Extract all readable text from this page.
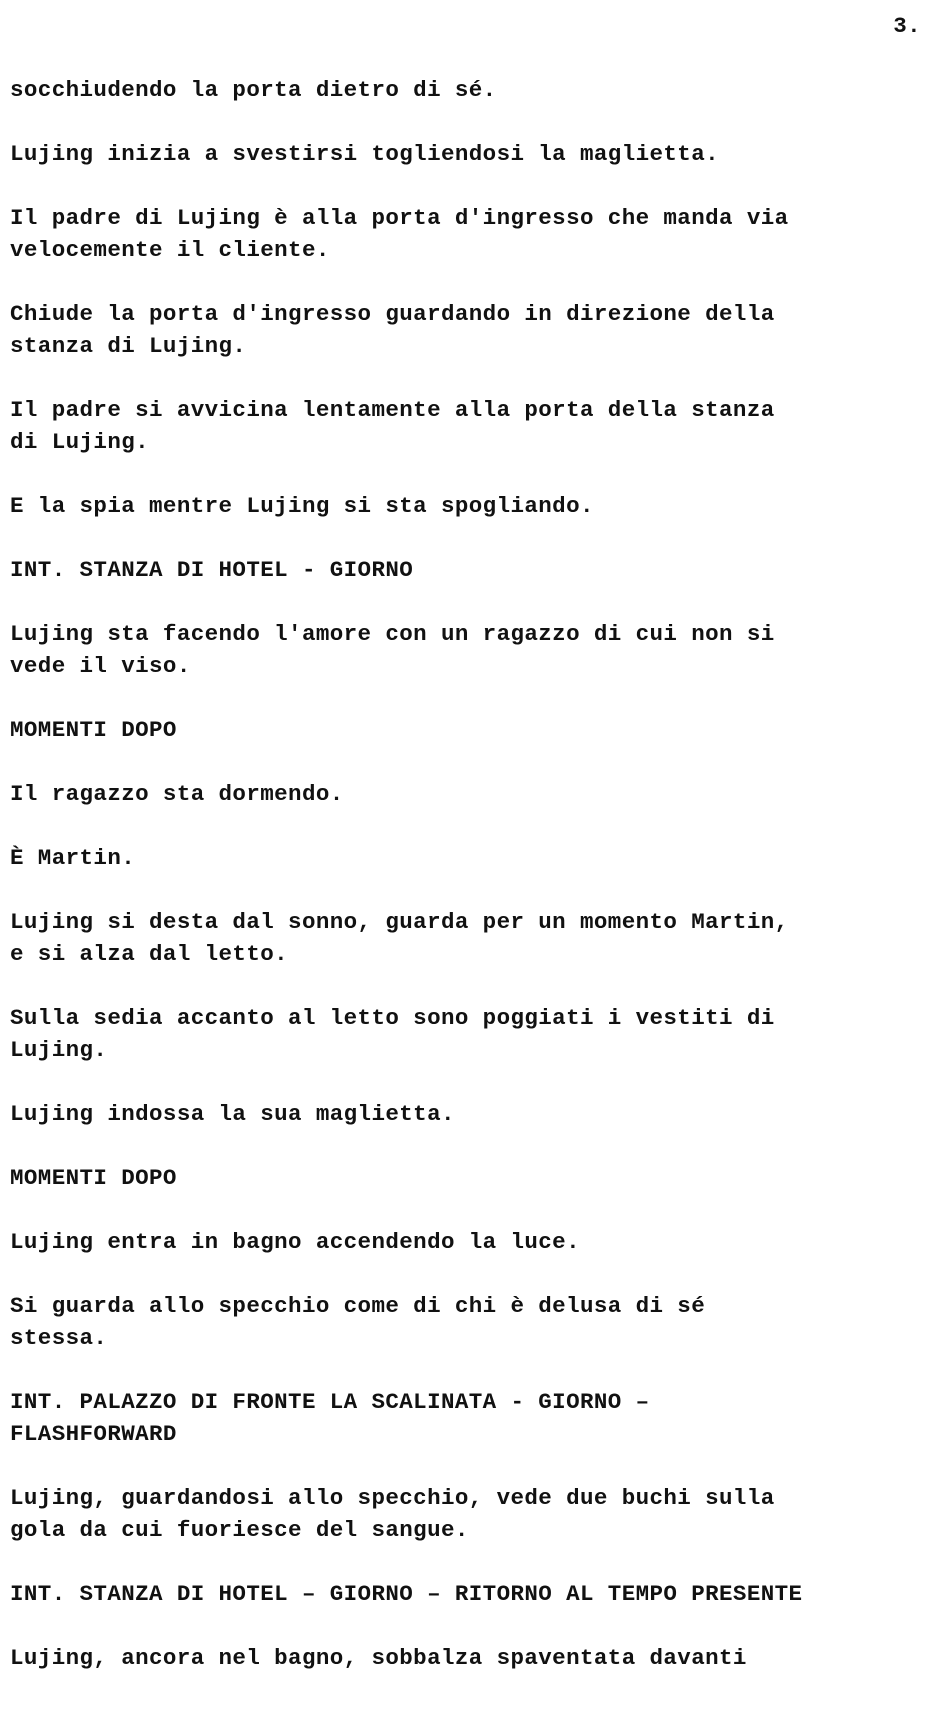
3.
socchiudendo la porta dietro di sé.
Lujing inizia a svestirsi togliendosi la maglietta.
Il padre di Lujing è alla porta d'ingresso che manda via
velocemente il cliente.
Chiude la porta d'ingresso guardando in direzione della
stanza di Lujing.
Il padre si avvicina lentamente alla porta della stanza
di Lujing.
E la spia mentre Lujing si sta spogliando.
INT. STANZA DI HOTEL - GIORNO
Lujing sta facendo l'amore con un ragazzo di cui non si
vede il viso.
MOMENTI DOPO
Il ragazzo sta dormendo.
È Martin.
Lujing si desta dal sonno, guarda per un momento Martin,
e si alza dal letto.
Sulla sedia accanto al letto sono poggiati i vestiti di
Lujing.
Lujing indossa la sua maglietta.
MOMENTI DOPO
Lujing entra in bagno accendendo la luce.
Si guarda allo specchio come di chi è delusa di sé
stessa.
INT. PALAZZO DI FRONTE LA SCALINATA - GIORNO –
FLASHFORWARD
Lujing, guardandosi allo specchio, vede due buchi sulla
gola da cui fuoriesce del sangue.
INT. STANZA DI HOTEL – GIORNO – RITORNO AL TEMPO PRESENTE
Lujing, ancora nel bagno, sobbalza spaventata davanti
